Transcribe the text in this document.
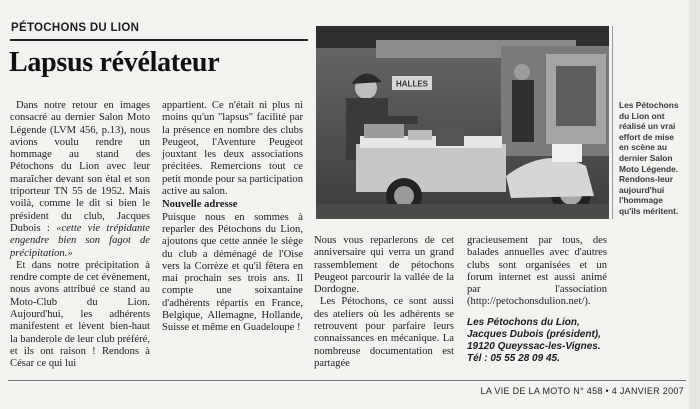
PÉTOCHONS DU LION
Lapsus révélateur

Dans notre retour en images consacré au dernier Salon Moto Légende (LVM 456, p.13), nous avions voulu rendre un hommage au stand des Pétochons du Lion avec leur maraîcher devant son étal et son triporteur TN 55 de 1952. Mais voilà, comme le dit si bien le président du club, Jacques Dubois : «cette vie trépidante engendre bien son fagot de précipitation.»

Et dans notre précipitation à rendre compte de cet évènement, nous avons attribué ce stand au Moto-Club du Lion. Aujourd'hui, les adhérents manifestent et lèvent bien-haut la banderole de leur club préféré, et ils ont raison ! Rendons à César ce qui lui

appartient. Ce n'était ni plus ni moins qu'un "lapsus" facilité par la présence en nombre des clubs Peugeot, l'Aventure Peugeot jouxtant les deux associations précitées. Remercions tout ce petit monde pour sa participation active au salon.

Nouvelle adresse

Puisque nous en sommes à reparler des Pétochons du Lion, ajoutons que cette année le siège du club a déménagé de l'Oise vers la Corrèze et qu'il fêtera en mai prochain ses trois ans. Il compte une soixantaine d'adhérents répartis en France, Belgique, Allemagne, Hollande, Suisse et même en Guadeloupe !

Nous vous reparlerons de cet anniversaire qui verra un grand rassemblement de pétochons Peugeot parcourir la vallée de la Dordogne.

Les Pétochons, ce sont aussi des ateliers où les adhérents se retrouvent pour parfaire leurs connaissances en mécanique. La nombreuse documentation est partagée

gracieusement par tous, des balades annuelles avec d'autres clubs sont organisées et un forum internet est aussi animé par l'association (http://petochonsdulion.net/).

Les Pétochons du Lion,
Jacques Dubois (président),
19120 Queyssac-les-Vignes.
Tél : 05 55 28 09 45.
HALLES
Les Pétochons du Lion ont réalisé un vrai effort de mise en scène au dernier Salon Moto Légende. Rendons-leur aujourd'hui l'hommage qu'ils méritent.
LA VIE DE LA MOTO N° 458 • 4 JANVIER 2007
